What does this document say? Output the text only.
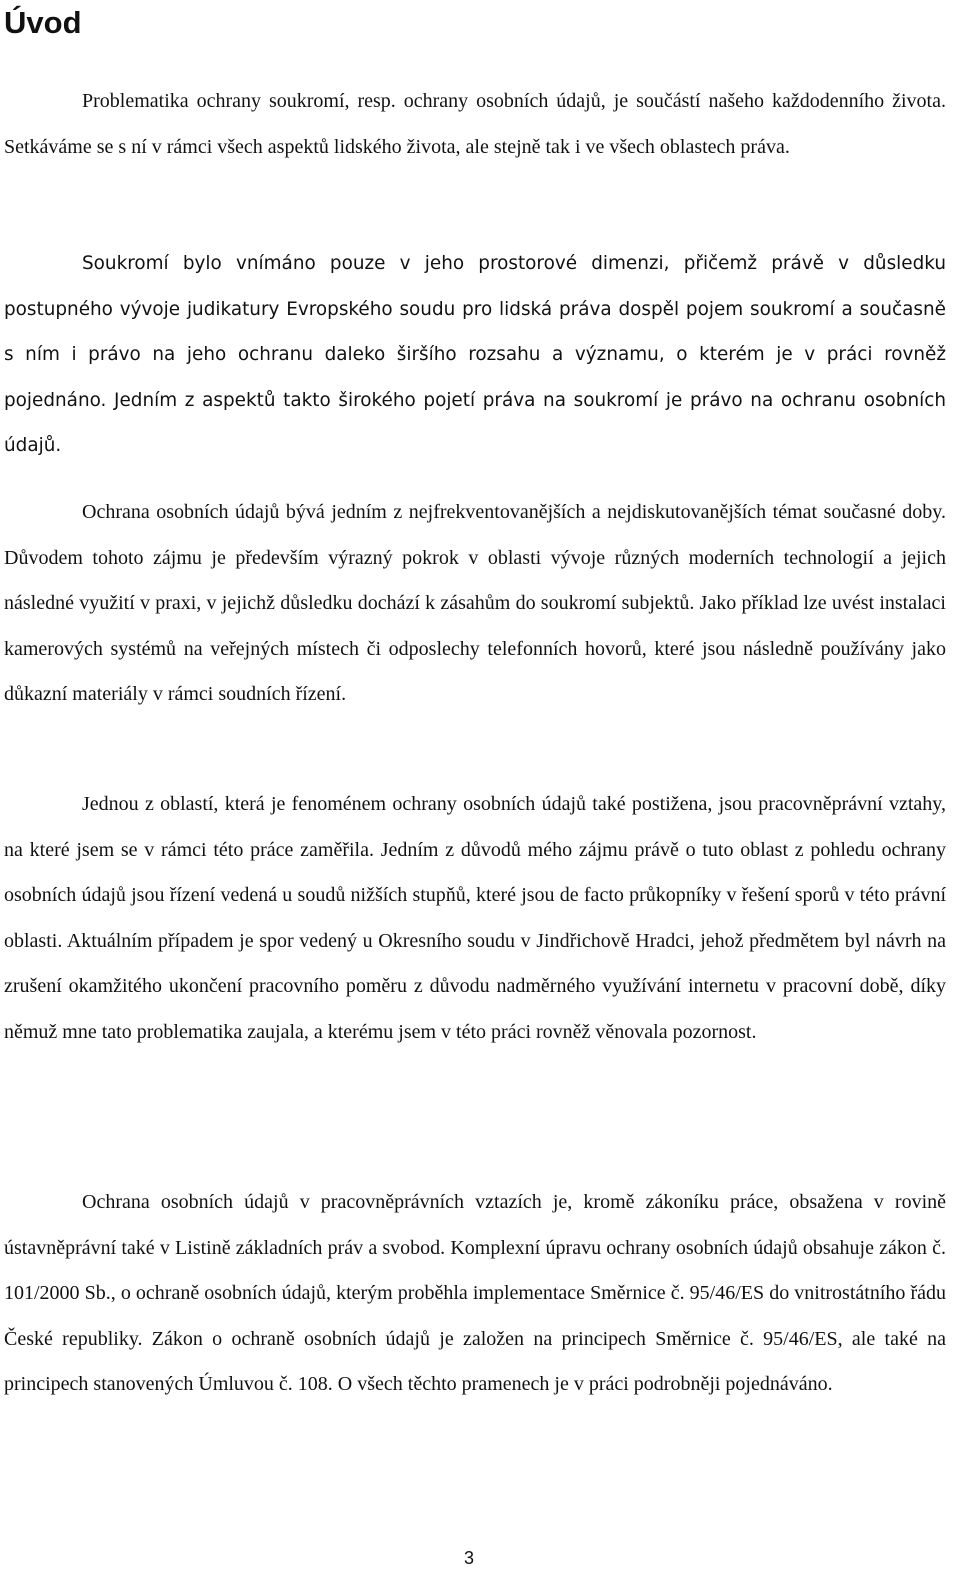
Úvod

Problematika ochrany soukromí, resp. ochrany osobních údajů, je součástí našeho každodenního života. Setkáváme se s ní v rámci všech aspektů lidského života, ale stejně tak i ve všech oblastech práva.

Soukromí bylo vnímáno pouze v jeho prostorové dimenzi, přičemž právě v důsledku postupného vývoje judikatury Evropského soudu pro lidská práva dospěl pojem soukromí a současně s ním i právo na jeho ochranu daleko širšího rozsahu a významu, o kterém je v práci rovněž pojednáno. Jedním z aspektů takto širokého pojetí práva na soukromí je právo na ochranu osobních údajů.

Ochrana osobních údajů bývá jedním z nejfrekventovanějších a nejdiskutovanějších témat současné doby. Důvodem tohoto zájmu je především výrazný pokrok v oblasti vývoje různých moderních technologií a jejich následné využití v praxi, v jejichž důsledku dochází k zásahům do soukromí subjektů. Jako příklad lze uvést instalaci kamerových systémů na veřejných místech či odposlechy telefonních hovorů, které jsou následně používány jako důkazní materiály v rámci soudních řízení.

Jednou z oblastí, která je fenoménem ochrany osobních údajů také postižena, jsou pracovněprávní vztahy, na které jsem se v rámci této práce zaměřila. Jedním z důvodů mého zájmu právě o tuto oblast z pohledu ochrany osobních údajů jsou řízení vedená u soudů nižších stupňů, které jsou de facto průkopníky v řešení sporů v této právní oblasti. Aktuálním případem je spor vedený u Okresního soudu v Jindřichově Hradci, jehož předmětem byl návrh na zrušení okamžitého ukončení pracovního poměru z důvodu nadměrného využívání internetu v pracovní době, díky němuž mne tato problematika zaujala, a kterému jsem v této práci rovněž věnovala pozornost.

Ochrana osobních údajů v pracovněprávních vztazích je, kromě zákoníku práce, obsažena v rovině ústavněprávní také v Listině základních práv a svobod. Komplexní úpravu ochrany osobních údajů obsahuje zákon č. 101/2000 Sb., o ochraně osobních údajů, kterým proběhla implementace Směrnice č. 95/46/ES do vnitrostátního řádu České republiky. Zákon o ochraně osobních údajů je založen na principech Směrnice č. 95/46/ES, ale také na principech stanovených Úmluvou č. 108. O všech těchto pramenech je v práci podrobněji pojednáváno.

3
